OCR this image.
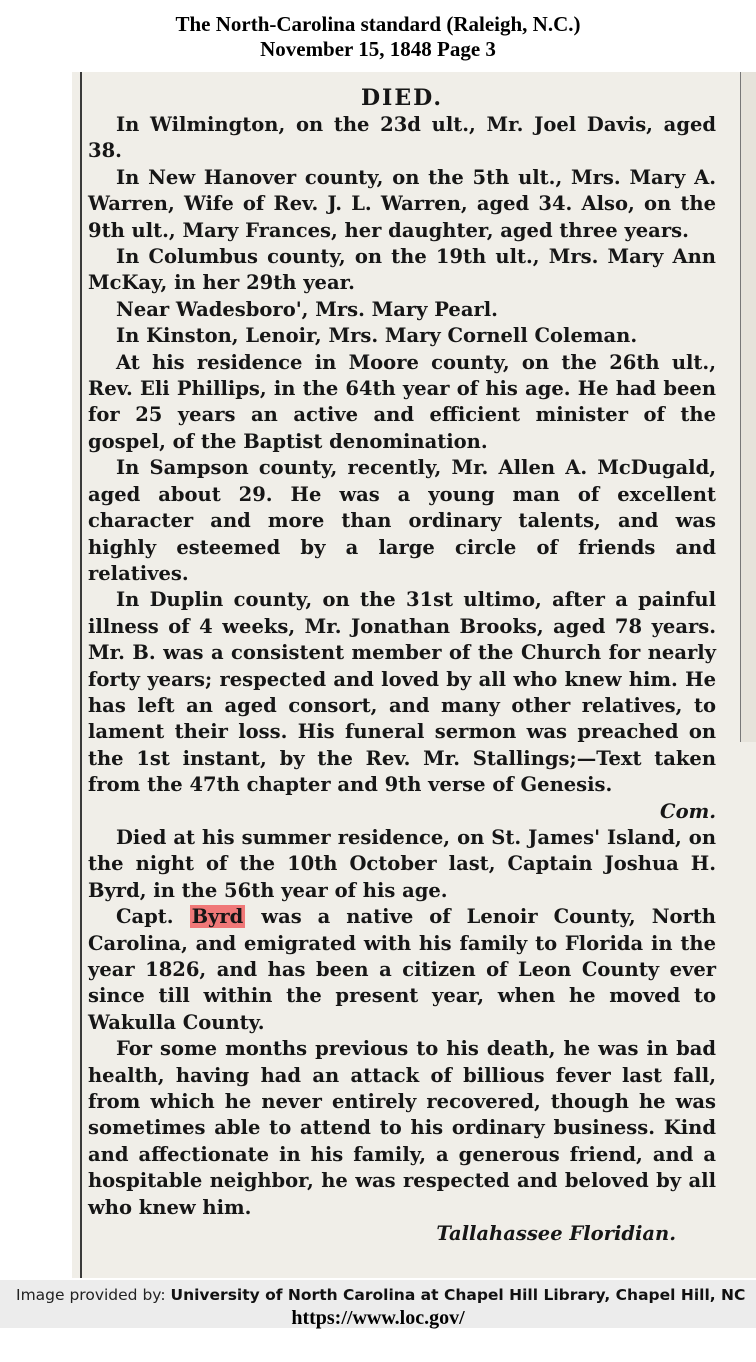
The North-Carolina standard (Raleigh, N.C.)
November 15, 1848 Page 3
DIED.

In Wilmington, on the 23d ult., Mr. Joel Davis, aged 38.

In New Hanover county, on the 5th ult., Mrs. Mary A. Warren, Wife of Rev. J. L. Warren, aged 34. Also, on the 9th ult., Mary Frances, her daughter, aged three years.

In Columbus county, on the 19th ult., Mrs. Mary Ann McKay, in her 29th year.

Near Wadesboro', Mrs. Mary Pearl.

In Kinston, Lenoir, Mrs. Mary Cornell Coleman.

At his residence in Moore county, on the 26th ult., Rev. Eli Phillips, in the 64th year of his age. He had been for 25 years an active and efficient minister of the gospel, of the Baptist denomination.

In Sampson county, recently, Mr. Allen A. McDugald, aged about 29. He was a young man of excellent character and more than ordinary talents, and was highly esteemed by a large circle of friends and relatives.

In Duplin county, on the 31st ultimo, after a painful illness of 4 weeks, Mr. Jonathan Brooks, aged 78 years. Mr. B. was a consistent member of the Church for nearly forty years; respected and loved by all who knew him. He has left an aged consort, and many other relatives, to lament their loss. His funeral sermon was preached on the 1st instant, by the Rev. Mr. Stallings;—Text taken from the 47th chapter and 9th verse of Genesis.

Com.

Died at his summer residence, on St. James' Island, on the night of the 10th October last, Captain Joshua H. Byrd, in the 56th year of his age.

Capt. Byrd was a native of Lenoir County, North Carolina, and emigrated with his family to Florida in the year 1826, and has been a citizen of Leon County ever since till within the present year, when he moved to Wakulla County.

For some months previous to his death, he was in bad health, having had an attack of billious fever last fall, from which he never entirely recovered, though he was sometimes able to attend to his ordinary business. Kind and affectionate in his family, a generous friend, and a hospitable neighbor, he was respected and beloved by all who knew him.

Tallahassee Floridian.
Image provided by: University of North Carolina at Chapel Hill Library, Chapel Hill, NC
https://www.loc.gov/
